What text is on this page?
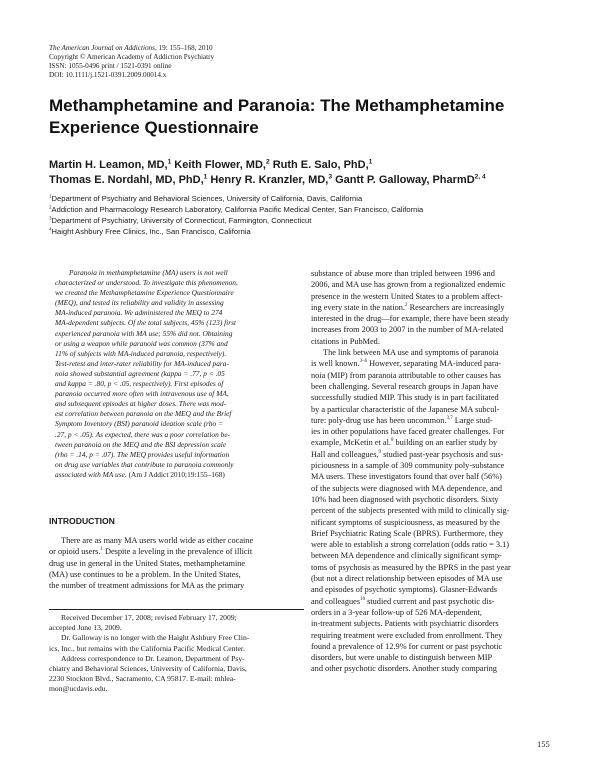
The American Journal on Addictions, 19: 155–168, 2010
Copyright © American Academy of Addiction Psychiatry
ISSN: 1055-0496 print / 1521-0391 online
DOI: 10.1111/j.1521-0391.2009.00014.x
Methamphetamine and Paranoia: The Methamphetamine
Experience Questionnaire
Martin H. Leamon, MD,$^1$ Keith Flower, MD,$^2$ Ruth E. Salo, PhD,$^1$
Thomas E. Nordahl, MD, PhD,$^1$ Henry R. Kranzler, MD,$^3$ Gantt P. Galloway, PharmD$^{2, 4}$
$^1$Department of Psychiatry and Behavioral Sciences, University of California, Davis, California
$^2$Addiction and Pharmacology Research Laboratory, California Pacific Medical Center, San Francisco, California
$^3$Department of Psychiatry, University of Connecticut, Farmington, Connecticut
$^4$Haight Ashbury Free Clinics, Inc., San Francisco, California
Paranoia in methamphetamine (MA) users is not well
characterized or understood. To investigate this phenomenon,
we created the Methamphetamine Experience Questionnaire
(MEQ), and tested its reliability and validity in assessing
MA-induced paranoia. We administered the MEQ to 274
MA-dependent subjects. Of the total subjects, 45% (123) first
experienced paranoia with MA use; 55% did not. Obtaining
or using a weapon while paranoid was common (37% and
11% of subjects with MA-induced paranoia, respectively).
Test-retest and inter-rater reliability for MA-induced para-
noia showed substantial agreement (kappa = .77, p < .05
and kappa = .80, p < .05, respectively). First episodes of
paranoia occurred more often with intravenous use of MA,
and subsequent episodes at higher doses. There was mod-
est correlation between paranoia on the MEQ and the Brief
Symptom Inventory (BSI) paranoid ideation scale (rho =
.27, p < .05). As expected, there was a poor correlation be-
tween paranoia on the MEQ and the BSI depression scale
(rho = .14, p = .07). The MEQ provides useful information
on drug use variables that contribute to paranoia commonly
associated with MA use. (Am J Addict 2010;19:155–168)
INTRODUCTION
There are as many MA users world wide as either cocaine
or opioid users.$^1$ Despite a leveling in the prevalence of illicit
drug use in general in the United States, methamphetamine
(MA) use continues to be a problem. In the United States,
the number of treatment admissions for MA as the primary
Received December 17, 2008; revised February 17, 2009;
accepted June 13, 2009.
Dr. Galloway is no longer with the Haight Ashbury Free Clin-
ics, Inc., but remains with the California Pacific Medical Center.
Address correspondence to Dr. Leamon, Department of Psy-
chiatry and Behavioral Sciences, University of California, Davis,
2230 Stockton Blvd., Sacramento, CA 95817. E-mail: mhlea-
mon@ucdavis.edu.
substance of abuse more than tripled between 1996 and
2006, and MA use has grown from a regionalized endemic
presence in the western United States to a problem affect-
ing every state in the nation.$^2$ Researchers are increasingly
interested in the drug—for example, there have been steady
increases from 2003 to 2007 in the number of MA-related
citations in PubMed.
The link between MA use and symptoms of paranoia
is well known.$^{3-6}$ However, separating MA-induced para-
noia (MIP) from paranoia attributable to other causes has
been challenging. Several research groups in Japan have
successfully studied MIP. This study is in part facilitated
by a particular characteristic of the Japanese MA subcul-
ture: poly-drug use has been uncommon.$^{3,7}$ Large stud-
ies in other populations have faced greater challenges. For
example, McKetin et al.$^8$ building on an earlier study by
Hall and colleagues,$^9$ studied past-year psychosis and sus-
piciousness in a sample of 309 community poly-substance
MA users. These investigators found that over half (56%)
of the subjects were diagnosed with MA dependence, and
10% had been diagnosed with psychotic disorders. Sixty
percent of the subjects presented with mild to clinically sig-
nificant symptoms of suspiciousness, as measured by the
Brief Psychiatric Rating Scale (BPRS). Furthermore, they
were able to establish a strong correlation (odds ratio = 3.1)
between MA dependence and clinically significant symp-
toms of psychosis as measured by the BPRS in the past year
(but not a direct relationship between episodes of MA use
and episodes of psychotic symptoms). Glasner-Edwards
and colleagues$^{10}$ studied current and past psychotic dis-
orders in a 3-year follow-up of 526 MA-dependent,
in-treatment subjects. Patients with psychiatric disorders
requiring treatment were excluded from enrollment. They
found a prevalence of 12.9% for current or past psychotic
disorders, but were unable to distinguish between MIP
and other psychotic disorders. Another study comparing
155
